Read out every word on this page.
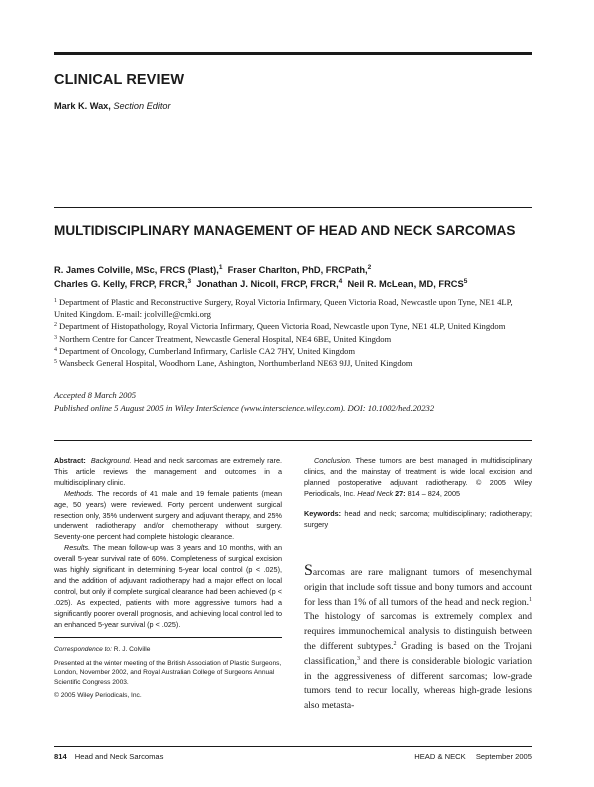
CLINICAL REVIEW
Mark K. Wax, Section Editor
MULTIDISCIPLINARY MANAGEMENT OF HEAD AND NECK SARCOMAS
R. James Colville, MSc, FRCS (Plast),$^1$ Fraser Charlton, PhD, FRCPath,$^2$
Charles G. Kelly, FRCP, FRCR,$^3$ Jonathan J. Nicoll, FRCP, FRCR,$^4$ Neil R. McLean, MD, FRCS$^5$
$^1$ Department of Plastic and Reconstructive Surgery, Royal Victoria Infirmary, Queen Victoria Road, Newcastle upon Tyne, NE1 4LP, United Kingdom. E-mail: jcolville@cmki.org
$^2$ Department of Histopathology, Royal Victoria Infirmary, Queen Victoria Road, Newcastle upon Tyne, NE1 4LP, United Kingdom
$^3$ Northern Centre for Cancer Treatment, Newcastle General Hospital, NE4 6BE, United Kingdom
$^4$ Department of Oncology, Cumberland Infirmary, Carlisle CA2 7HY, United Kingdom
$^5$ Wansbeck General Hospital, Woodhorn Lane, Ashington, Northumberland NE63 9JJ, United Kingdom
Accepted 8 March 2005
Published online 5 August 2005 in Wiley InterScience (www.interscience.wiley.com). DOI: 10.1002/hed.20232

Abstract: Background. Head and neck sarcomas are extremely rare. This article reviews the management and outcomes in a multidisciplinary clinic.

Methods. The records of 41 male and 19 female patients (mean age, 50 years) were reviewed. Forty percent underwent surgical resection only, 35% underwent surgery and adjuvant therapy, and 25% underwent radiotherapy and/or chemotherapy without surgery. Seventy-one percent had complete histologic clearance.

Results. The mean follow-up was 3 years and 10 months, with an overall 5-year survival rate of 60%. Completeness of surgical excision was highly significant in determining 5-year local control (p < .025), and the addition of adjuvant radiotherapy had a major effect on local control, but only if complete surgical clearance had been achieved (p < .025). As expected, patients with more aggressive tumors had a significantly poorer overall prognosis, and achieving local control led to an enhanced 5-year survival (p < .025).

Conclusion. These tumors are best managed in multidisciplinary clinics, and the mainstay of treatment is wide local excision and planned postoperative adjuvant radiotherapy. © 2005 Wiley Periodicals, Inc. Head Neck 27: 814 – 824, 2005

Keywords: head and neck; sarcoma; multidisciplinary; radiotherapy; surgery

Sarcomas are rare malignant tumors of mesenchymal origin that include soft tissue and bony tumors and account for less than 1% of all tumors of the head and neck region.$^1$ The histology of sarcomas is extremely complex and requires immunochemical analysis to distinguish between the different subtypes.$^2$ Grading is based on the Trojani classification,$^3$ and there is considerable biologic variation in the aggressiveness of different sarcomas; low-grade tumors tend to recur locally, whereas high-grade lesions also metasta-

Correspondence to: R. J. Colville

Presented at the winter meeting of the British Association of Plastic Surgeons, London, November 2002, and Royal Australian College of Surgeons Annual Scientific Congress 2003.

© 2005 Wiley Periodicals, Inc.

814 Head and Neck Sarcomas	HEAD & NECK September 2005
